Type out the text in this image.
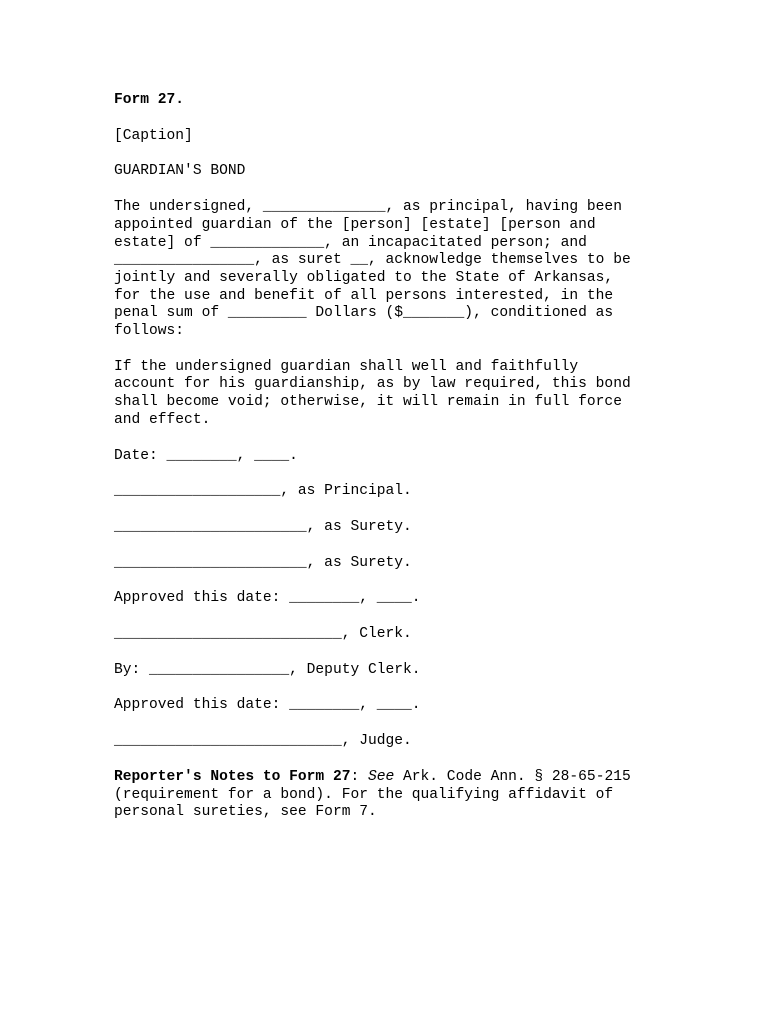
Form 27.

[Caption]

GUARDIAN'S BOND

The undersigned, ______________, as principal, having been
appointed guardian of the [person] [estate] [person and
estate] of _____________, an incapacitated person; and
________________, as suret __, acknowledge themselves to be
jointly and severally obligated to the State of Arkansas,
for the use and benefit of all persons interested, in the
penal sum of _________ Dollars ($_______), conditioned as
follows:

If the undersigned guardian shall well and faithfully
account for his guardianship, as by law required, this bond
shall become void; otherwise, it will remain in full force
and effect.

Date: ________, ____.

___________________, as Principal.

______________________, as Surety.

______________________, as Surety.

Approved this date: ________, ____.

__________________________, Clerk.

By: ________________, Deputy Clerk.

Approved this date: ________, ____.

__________________________, Judge.

Reporter's Notes to Form 27: See Ark. Code Ann. § 28-65-215
(requirement for a bond). For the qualifying affidavit of
personal sureties, see Form 7.
